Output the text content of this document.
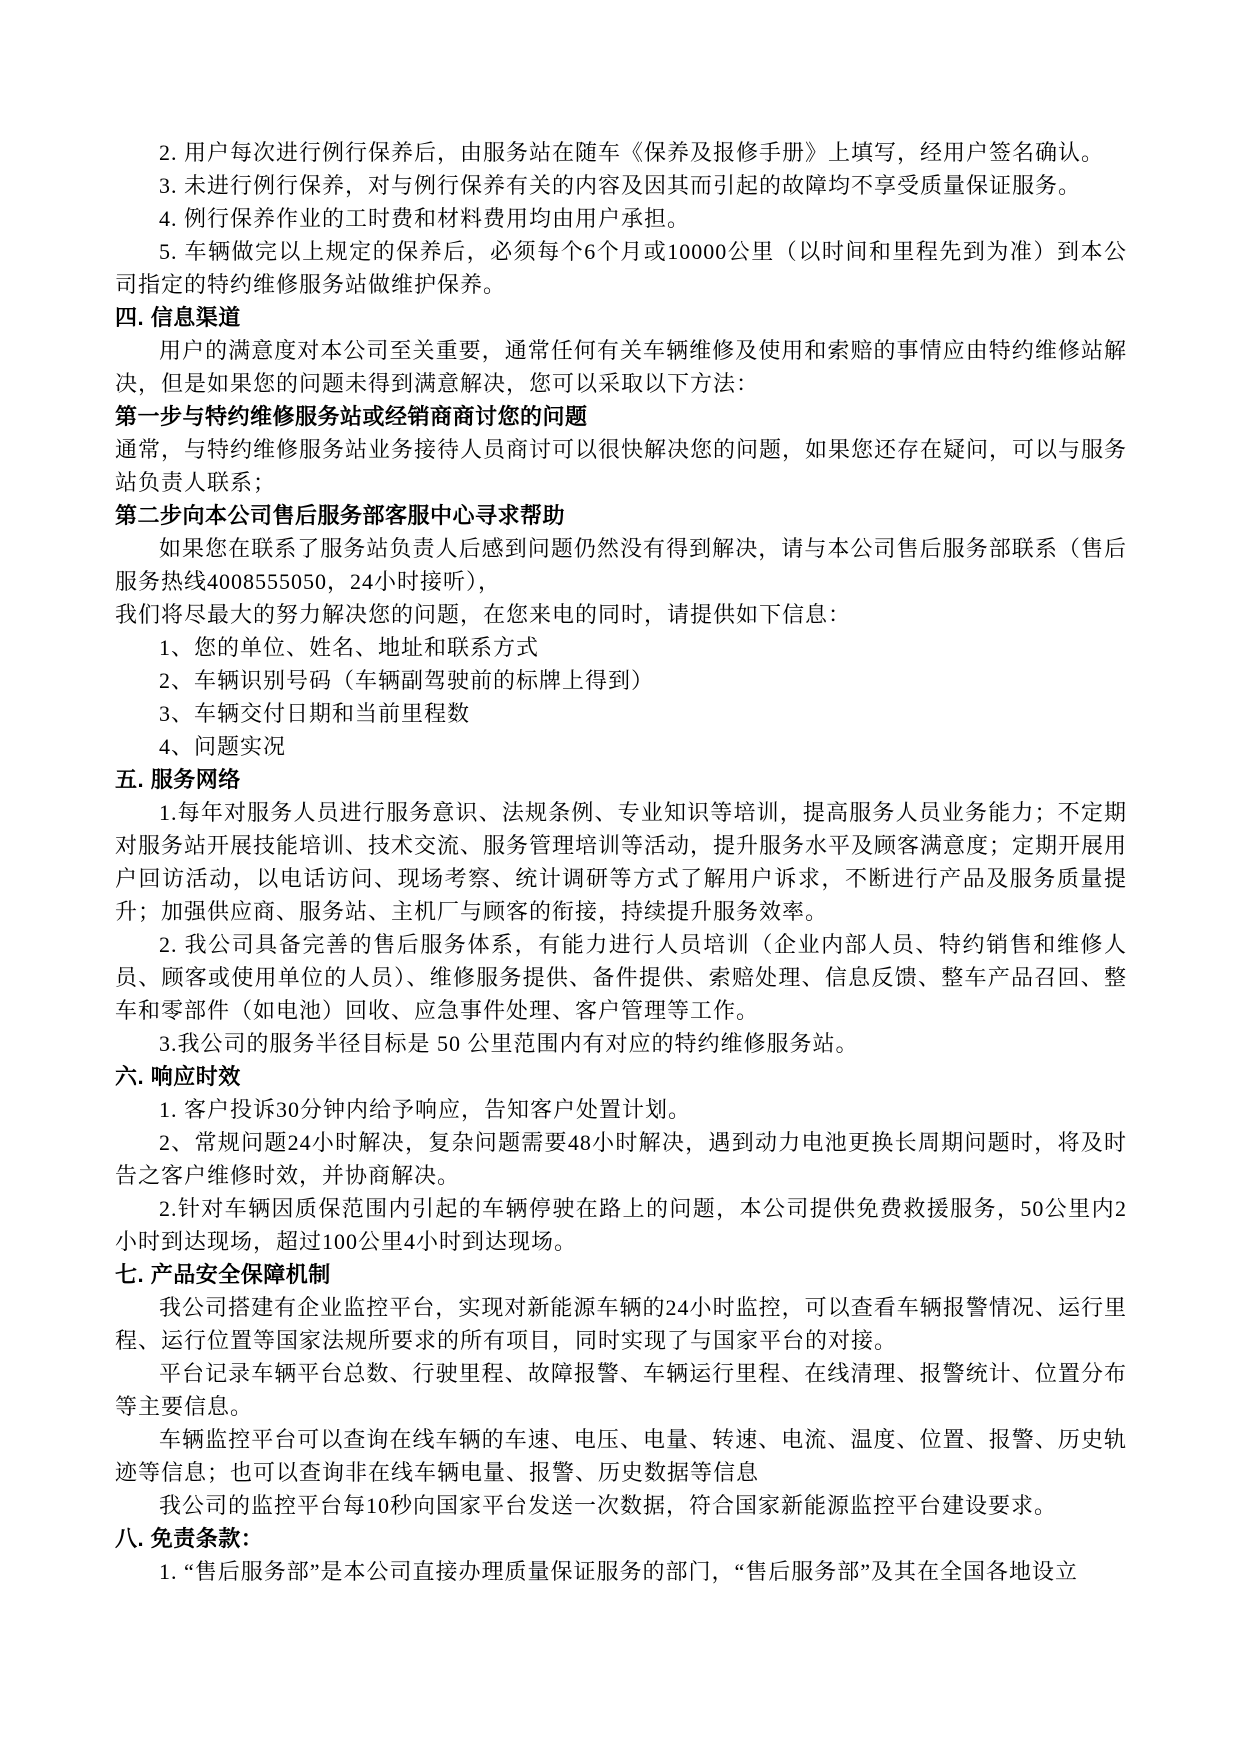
2. 用户每次进行例行保养后，由服务站在随车《保养及报修手册》上填写，经用户签名确认。
3. 未进行例行保养，对与例行保养有关的内容及因其而引起的故障均不享受质量保证服务。
4. 例行保养作业的工时费和材料费用均由用户承担。
5. 车辆做完以上规定的保养后，必须每个6个月或10000公里（以时间和里程先到为准）到本公司指定的特约维修服务站做维护保养。
四. 信息渠道
用户的满意度对本公司至关重要，通常任何有关车辆维修及使用和索赔的事情应由特约维修站解决，但是如果您的问题未得到满意解决，您可以采取以下方法：
第一步与特约维修服务站或经销商商讨您的问题
通常，与特约维修服务站业务接待人员商讨可以很快解决您的问题，如果您还存在疑问，可以与服务站负责人联系；
第二步向本公司售后服务部客服中心寻求帮助
如果您在联系了服务站负责人后感到问题仍然没有得到解决，请与本公司售后服务部联系（售后服务热线4008555050，24小时接听），
我们将尽最大的努力解决您的问题，在您来电的同时，请提供如下信息：
1、您的单位、姓名、地址和联系方式
2、车辆识别号码（车辆副驾驶前的标牌上得到）
3、车辆交付日期和当前里程数
4、问题实况
五. 服务网络
1.每年对服务人员进行服务意识、法规条例、专业知识等培训，提高服务人员业务能力；不定期对服务站开展技能培训、技术交流、服务管理培训等活动，提升服务水平及顾客满意度；定期开展用户回访活动，以电话访问、现场考察、统计调研等方式了解用户诉求，不断进行产品及服务质量提升；加强供应商、服务站、主机厂与顾客的衔接，持续提升服务效率。
2. 我公司具备完善的售后服务体系，有能力进行人员培训（企业内部人员、特约销售和维修人员、顾客或使用单位的人员）、维修服务提供、备件提供、索赔处理、信息反馈、整车产品召回、整车和零部件（如电池）回收、应急事件处理、客户管理等工作。
3.我公司的服务半径目标是 50 公里范围内有对应的特约维修服务站。
六. 响应时效
1. 客户投诉30分钟内给予响应，告知客户处置计划。
2、常规问题24小时解决，复杂问题需要48小时解决，遇到动力电池更换长周期问题时，将及时告之客户维修时效，并协商解决。
2.针对车辆因质保范围内引起的车辆停驶在路上的问题，本公司提供免费救援服务，50公里内2小时到达现场，超过100公里4小时到达现场。
七. 产品安全保障机制
我公司搭建有企业监控平台，实现对新能源车辆的24小时监控，可以查看车辆报警情况、运行里程、运行位置等国家法规所要求的所有项目，同时实现了与国家平台的对接。
平台记录车辆平台总数、行驶里程、故障报警、车辆运行里程、在线清理、报警统计、位置分布等主要信息。
车辆监控平台可以查询在线车辆的车速、电压、电量、转速、电流、温度、位置、报警、历史轨迹等信息；也可以查询非在线车辆电量、报警、历史数据等信息
我公司的监控平台每10秒向国家平台发送一次数据，符合国家新能源监控平台建设要求。
八. 免责条款：
1. “售后服务部”是本公司直接办理质量保证服务的部门，“售后服务部”及其在全国各地设立
